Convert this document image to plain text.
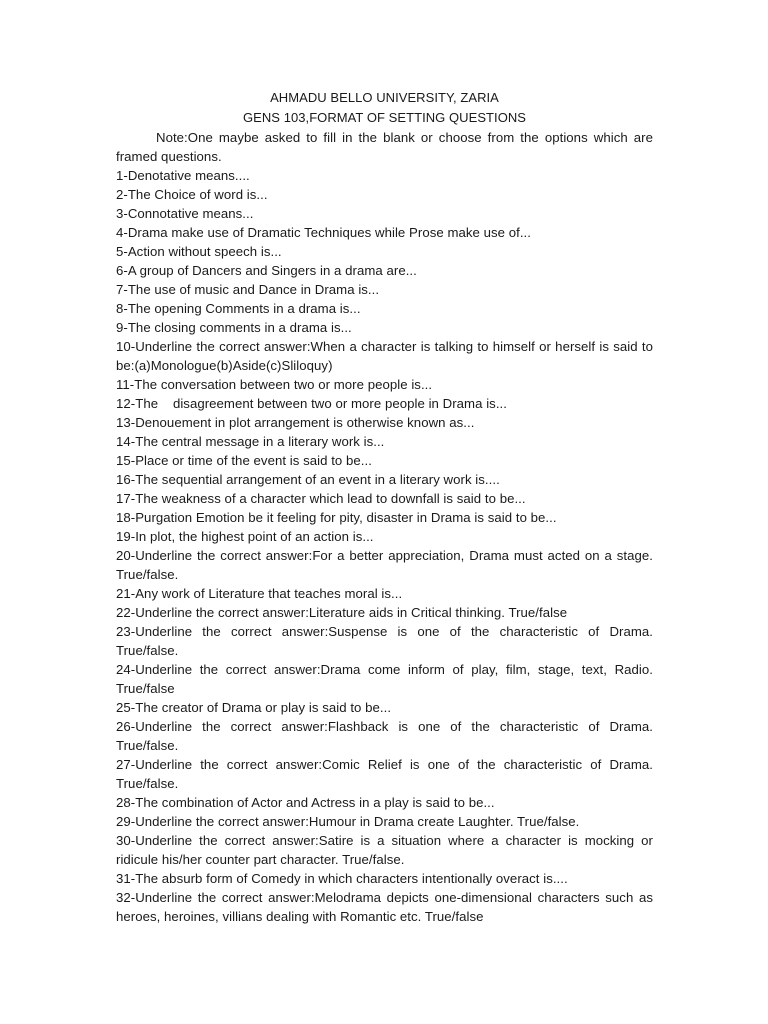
AHMADU BELLO UNIVERSITY, ZARIA

GENS 103,FORMAT OF SETTING QUESTIONS

Note:One maybe asked to fill in the blank or choose from the options which are framed questions.

1-Denotative means....
2-The Choice of word is...
3-Connotative means...
4-Drama make use of Dramatic Techniques while Prose make use of...
5-Action without speech is...
6-A group of Dancers and Singers in a drama are...
7-The use of music and Dance in Drama is...
8-The opening Comments in a drama is...
9-The closing comments in a drama is...
10-Underline the correct answer:When a character is talking to himself or herself is said to be:(a)Monologue(b)Aside(c)Sliloquy)
11-The conversation between two or more people is...
12-The    disagreement between two or more people in Drama is...
13-Denouement in plot arrangement is otherwise known as...
14-The central message in a literary work is...
15-Place or time of the event is said to be...
16-The sequential arrangement of an event in a literary work is....
17-The weakness of a character which lead to downfall is said to be...
18-Purgation Emotion be it feeling for pity, disaster in Drama is said to be...
19-In plot, the highest point of an action is...
20-Underline the correct answer:For a better appreciation, Drama must acted on a stage. True/false.
21-Any work of Literature that teaches moral is...
22-Underline the correct answer:Literature aids in Critical thinking. True/false
23-Underline the correct answer:Suspense is one of the characteristic of Drama. True/false.
24-Underline the correct answer:Drama come inform of play, film, stage, text, Radio. True/false
25-The creator of Drama or play is said to be...
26-Underline the correct answer:Flashback is one of the characteristic of Drama. True/false.
27-Underline the correct answer:Comic Relief is one of the characteristic of Drama. True/false.
28-The combination of Actor and Actress in a play is said to be...
29-Underline the correct answer:Humour in Drama create Laughter. True/false.
30-Underline the correct answer:Satire is a situation where a character is mocking or ridicule his/her counter part character. True/false.
31-The absurb form of Comedy in which characters intentionally overact is....
32-Underline the correct answer:Melodrama depicts one-dimensional characters such as heroes, heroines, villians dealing with Romantic etc. True/false
